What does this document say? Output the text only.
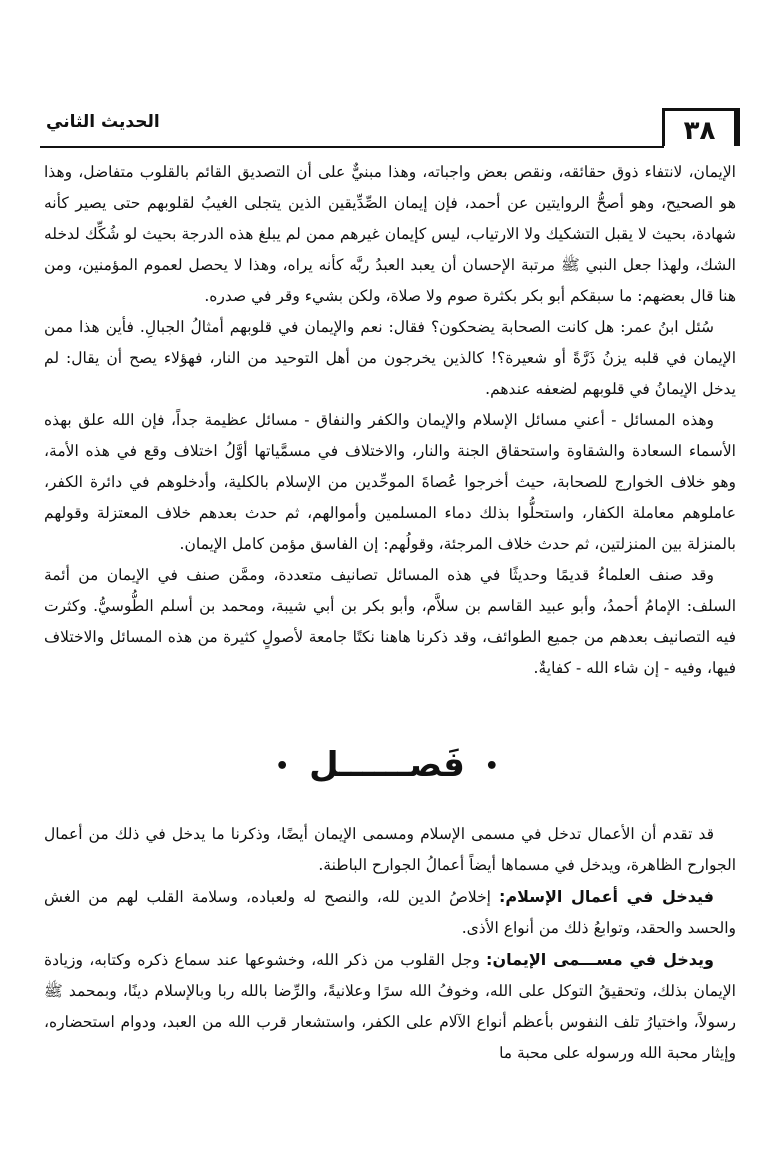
٣٨
الحديث الثاني

الإيمان، لانتفاء ذوق حقائقه، ونقص بعض واجباته، وهذا مبنيٌّ على أن التصديق القائم بالقلوب متفاضل، وهذا هو الصحيح، وهو أصحُّ الروايتين عن أحمد، فإن إيمان الصِّدِّيقين الذين يتجلى الغيبُ لقلوبهم حتى يصير كأنه شهادة، بحيث لا يقبل التشكيك ولا الارتياب، ليس كإيمان غيرهم ممن لم يبلغ هذه الدرجة بحيث لو شُكِّك لدخله الشك، ولهذا جعل النبي ﷺ مرتبة الإحسان أن يعبد العبدُ ربَّه كأنه يراه، وهذا لا يحصل لعموم المؤمنين، ومن هنا قال بعضهم: ما سبقكم أبو بكر بكثرة صوم ولا صلاة، ولكن بشيء وقر في صدره.

سُئل ابنُ عمر: هل كانت الصحابة يضحكون؟ فقال: نعم والإيمان في قلوبهم أمثالُ الجبالِ. فأين هذا ممن الإيمان في قلبه يزنُ ذَرَّةً أو شعيرة؟! كالذين يخرجون من أهل التوحيد من النار، فهؤلاء يصح أن يقال: لم يدخل الإيمانُ في قلوبهم لضعفه عندهم.

وهذه المسائل - أعني مسائل الإسلام والإيمان والكفر والنفاق - مسائل عظيمة جداً، فإن الله علق بهذه الأسماء السعادة والشقاوة واستحقاق الجنة والنار، والاختلاف في مسمَّياتها أوَّلُ اختلاف وقع في هذه الأمة، وهو خلاف الخوارج للصحابة، حيث أخرجوا عُصاةَ الموحِّدين من الإسلام بالكلية، وأدخلوهم في دائرة الكفر، عاملوهم معاملة الكفار، واستحلُّوا بذلك دماء المسلمين وأموالهم، ثم حدث بعدهم خلاف المعتزلة وقولهم بالمنزلة بين المنزلتين، ثم حدث خلاف المرجئة، وقولُهم: إن الفاسق مؤمن كامل الإيمان.

وقد صنف العلماءُ قديمًا وحديثًا في هذه المسائل تصانيف متعددة، وممَّن صنف في الإيمان من أئمة السلف: الإمامُ أحمدُ، وأبو عبيد القاسم بن سلاَّم، وأبو بكر بن أبي شيبة، ومحمد بن أسلم الطُّوسيُّ. وكثرت فيه التصانيف بعدهم من جميع الطوائف، وقد ذكرنا هاهنا نكتًا جامعة لأصولٍ كثيرة من هذه المسائل والاختلاف فيها، وفيه - إن شاء الله - كفايةٌ.

• فَصــــــل •

قد تقدم أن الأعمال تدخل في مسمى الإسلام ومسمى الإيمان أيضًا، وذكرنا ما يدخل في ذلك من أعمال الجوارح الظاهرة، ويدخل في مسماها أيضاً أعمالُ الجوارح الباطنة.

فيدخل في أعمال الإسلام: إخلاصُ الدين لله، والنصح له ولعباده، وسلامة القلب لهم من الغش والحسد والحقد، وتوابعُ ذلك من أنواع الأذى.

ويدخل في مســـمى الإيمان: وجل القلوب من ذكر الله، وخشوعها عند سماع ذكره وكتابه، وزيادة الإيمان بذلك، وتحقيقُ التوكل على الله، وخوفُ الله سرًا وعلانيةً، والرِّضا بالله ربا وبالإسلام دينًا، وبمحمد ﷺ رسولاً، واختيارُ تلف النفوس بأعظم أنواع الآلام على الكفر، واستشعار قرب الله من العبد، ودوام استحضاره، وإيثار محبة الله ورسوله على محبة ما
